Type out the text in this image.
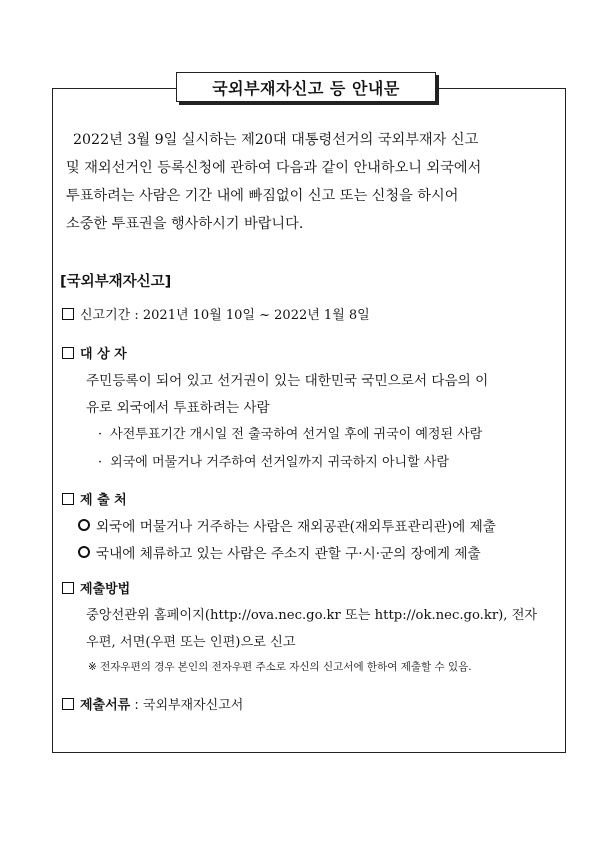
국외부재자신고 등 안내문

2022년 3월 9일 실시하는 제20대 대통령선거의 국외부재자 신고

및 재외선거인 등록신청에 관하여 다음과 같이 안내하오니 외국에서

투표하려는 사람은 기간 내에 빠짐없이 신고 또는 신청을 하시어

소중한 투표권을 행사하시기 바랍니다.

[국외부재자신고]
신고기간 : 2021년 10월 10일 ~ 2022년 1월 8일
대 상 자
주민등록이 되어 있고 선거권이 있는 대한민국 국민으로서 다음의 이
유로 외국에서 투표하려는 사람
· 사전투표기간 개시일 전 출국하여 선거일 후에 귀국이 예정된 사람
· 외국에 머물거나 거주하여 선거일까지 귀국하지 아니할 사람
제 출 처
외국에 머물거나 거주하는 사람은 재외공관(재외투표관리관)에 제출
국내에 체류하고 있는 사람은 주소지 관할 구·시·군의 장에게 제출
제출방법
중앙선관위 홈페이지(http://ova.nec.go.kr 또는 http://ok.nec.go.kr), 전자
우편, 서면(우편 또는 인편)으로 신고
※ 전자우편의 경우 본인의 전자우편 주소로 자신의 신고서에 한하여 제출할 수 있음.
제출서류 : 국외부재자신고서
